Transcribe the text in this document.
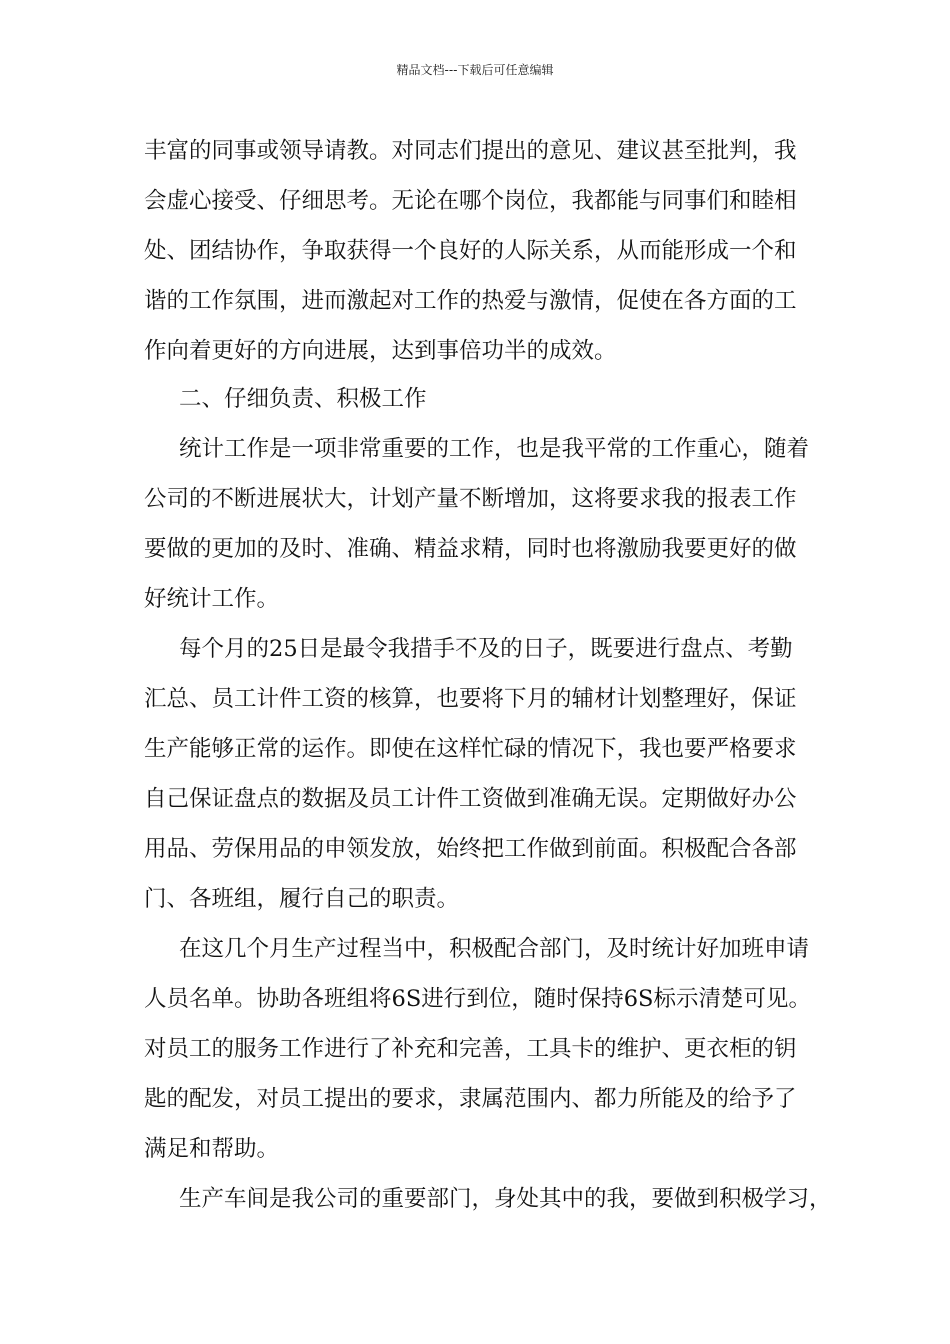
精品文档---下载后可任意编辑
丰富的同事或领导请教。对同志们提出的意见、建议甚至批判，我
会虚心接受、仔细思考。无论在哪个岗位，我都能与同事们和睦相
处、团结协作，争取获得一个良好的人际关系，从而能形成一个和
谐的工作氛围，进而激起对工作的热爱与激情，促使在各方面的工
作向着更好的方向进展，达到事倍功半的成效。
二、仔细负责、积极工作
统计工作是一项非常重要的工作，也是我平常的工作重心，随着
公司的不断进展状大，计划产量不断增加，这将要求我的报表工作
要做的更加的及时、准确、精益求精，同时也将激励我要更好的做
好统计工作。
每个月的25日是最令我措手不及的日子，既要进行盘点、考勤
汇总、员工计件工资的核算，也要将下月的辅材计划整理好，保证
生产能够正常的运作。即使在这样忙碌的情况下，我也要严格要求
自己保证盘点的数据及员工计件工资做到准确无误。定期做好办公
用品、劳保用品的申领发放，始终把工作做到前面。积极配合各部
门、各班组，履行自己的职责。
在这几个月生产过程当中，积极配合部门，及时统计好加班申请
人员名单。协助各班组将6S进行到位，随时保持6S标示清楚可见。
对员工的服务工作进行了补充和完善，工具卡的维护、更衣柜的钥
匙的配发，对员工提出的要求，隶属范围内、都力所能及的给予了
满足和帮助。
生产车间是我公司的重要部门，身处其中的我，要做到积极学习，
